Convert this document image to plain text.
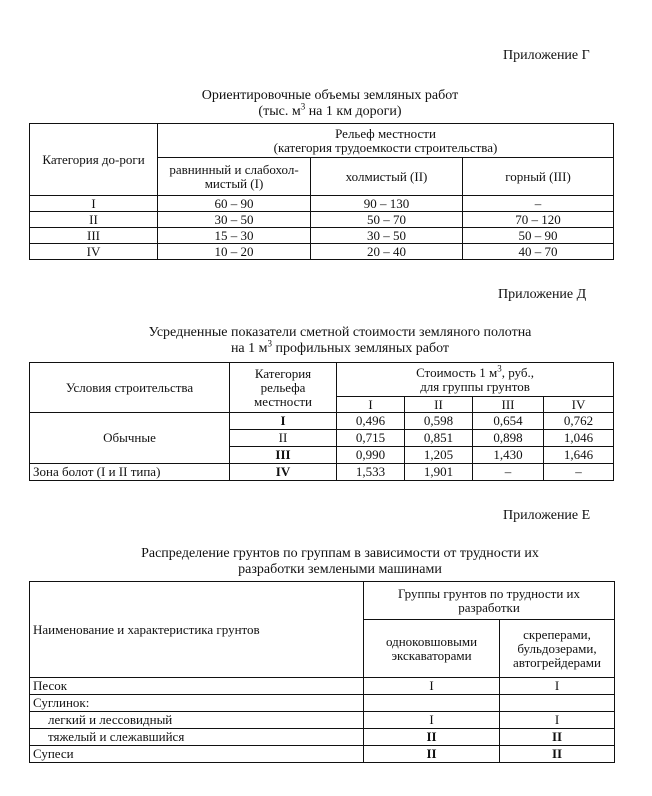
Приложение Г
Ориентировочные объемы земляных работ
(тыс. $м^3$ на 1 км дороги)
Категория до-роги	Рельеф местности
(категория трудоемкости строительства)		

	равнинный и слабохол-мистый (I)	холмистый (II)	горный (III)
I	60 – 90	90 – 130	–
II	30 – 50	50 – 70	70 – 120
III	15 – 30	30 – 50	50 – 90
IV	10 – 20	20 – 40	40 – 70
Приложение Д
Усредненные показатели сметной стоимости земляного полотна
на 1 $м^3$ профильных земляных работ
Условия строительства	Категория рельефа местности	Стоимость 1 $м^3$, руб.,
для группы грунтов			

		I	II	III	IV
Обычные	I	0,496	0,598	0,654	0,762
	II	0,715	0,851	0,898	1,046
	III	0,990	1,205	1,430	1,646
Зона болот (I и II типа)	IV	1,533	1,901	–	–
Приложение Е
Распределение грунтов по группам в зависимости от трудности их
разработки землеными машинами
Наименование и характеристика грунтов	Группы грунтов по трудности их разработки	
	одноковшовыми экскаваторами	скреперами, бульдозерами, автогрейдерами
Песок	I	I
Суглинок:		
легкий и лессовидный	I	I
тяжелый и слежавшийся	II	II
Супеси	II	II
